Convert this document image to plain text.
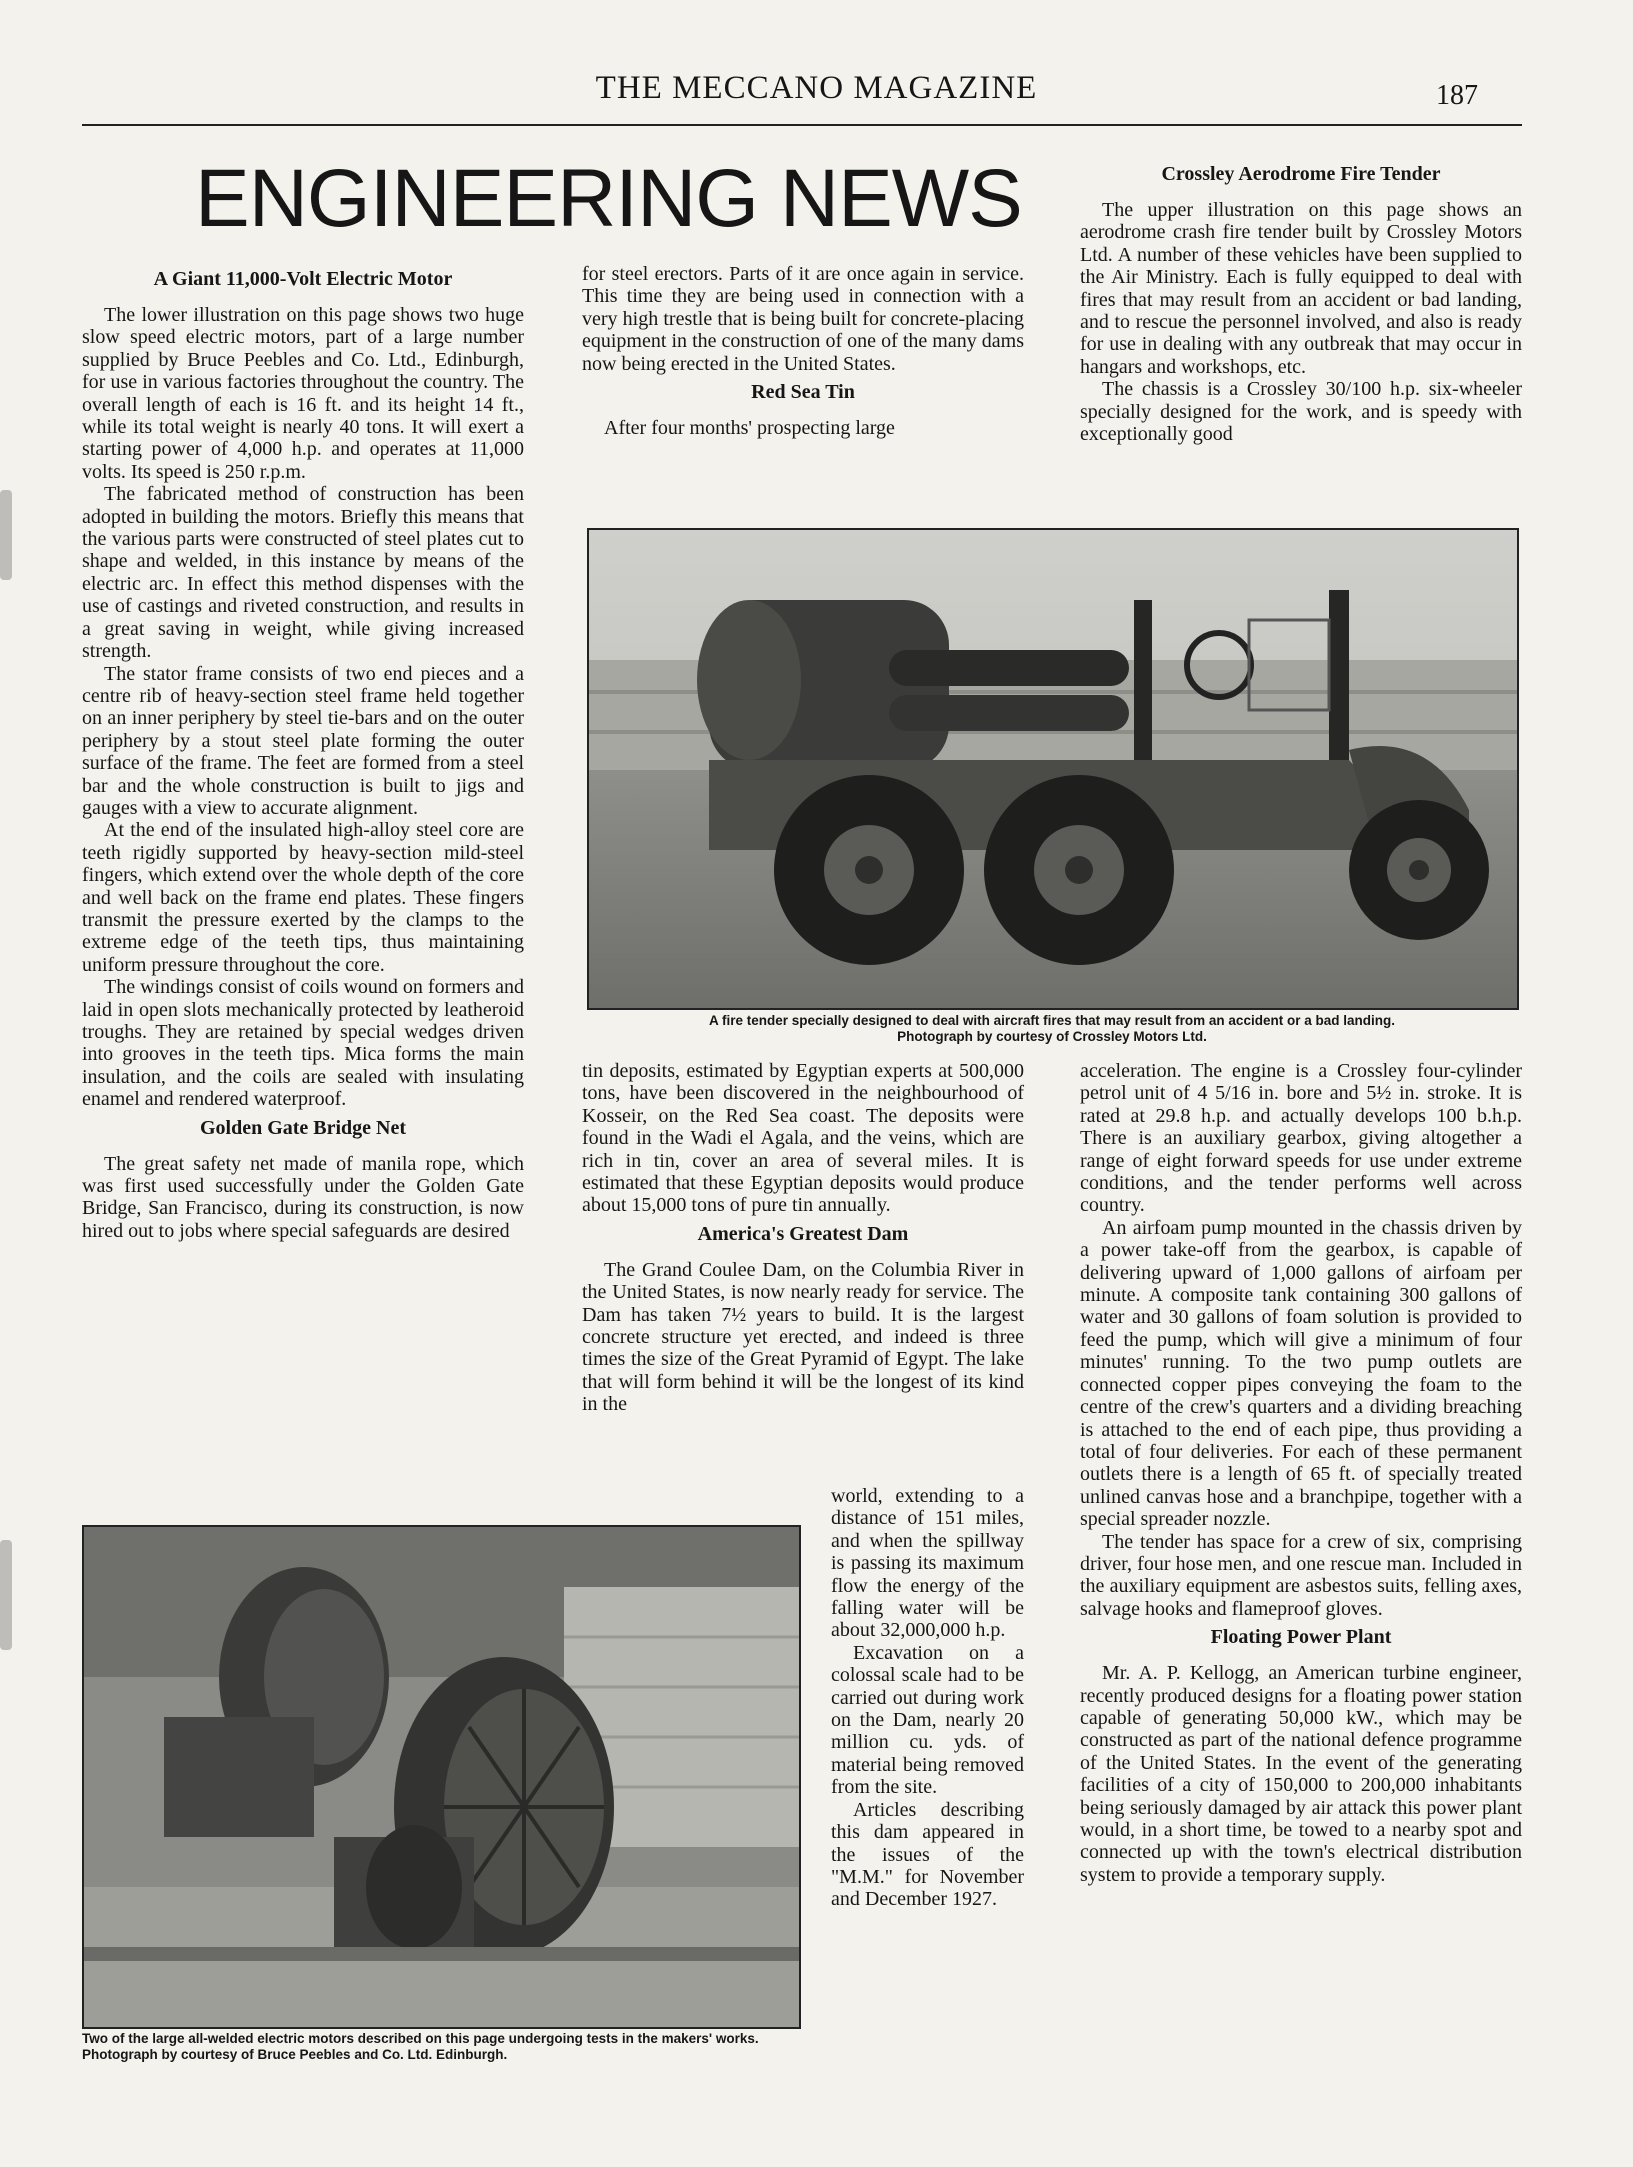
THE MECCANO MAGAZINE	187
ENGINEERING NEWS
A Giant 11,000-Volt Electric Motor

The lower illustration on this page shows two huge slow speed electric motors, part of a large number supplied by Bruce Peebles and Co. Ltd., Edinburgh, for use in various factories throughout the country. The overall length of each is 16 ft. and its height 14 ft., while its total weight is nearly 40 tons. It will exert a starting power of 4,000 h.p. and operates at 11,000 volts. Its speed is 250 r.p.m.

The fabricated method of construction has been adopted in building the motors. Briefly this means that the various parts were constructed of steel plates cut to shape and welded, in this instance by means of the electric arc. In effect this method dispenses with the use of castings and riveted construction, and results in a great saving in weight, while giving increased strength.

The stator frame consists of two end pieces and a centre rib of heavy-section steel frame held together on an inner periphery by steel tie-bars and on the outer periphery by a stout steel plate forming the outer surface of the frame. The feet are formed from a steel bar and the whole construction is built to jigs and gauges with a view to accurate alignment.

At the end of the insulated high-alloy steel core are teeth rigidly supported by heavy-section mild-steel fingers, which extend over the whole depth of the core and well back on the frame end plates. These fingers transmit the pressure exerted by the clamps to the extreme edge of the teeth tips, thus maintaining uniform pressure throughout the core.

The windings consist of coils wound on formers and laid in open slots mechanically protected by leatheroid troughs. They are retained by special wedges driven into grooves in the teeth tips. Mica forms the main insulation, and the coils are sealed with insulating enamel and rendered waterproof.

Golden Gate Bridge Net

The great safety net made of manila rope, which was first used successfully under the Golden Gate Bridge, San Francisco, during its construction, is now hired out to jobs where special safeguards are desired

for steel erectors. Parts of it are once again in service. This time they are being used in connection with a very high trestle that is being built for concrete-placing equipment in the construction of one of the many dams now being erected in the United States.

Red Sea Tin

After four months' prospecting large

Crossley Aerodrome Fire Tender

The upper illustration on this page shows an aerodrome crash fire tender built by Crossley Motors Ltd. A number of these vehicles have been supplied to the Air Ministry. Each is fully equipped to deal with fires that may result from an accident or bad landing, and to rescue the personnel involved, and also is ready for use in dealing with any outbreak that may occur in hangars and workshops, etc.

The chassis is a Crossley 30/100 h.p. six-wheeler specially designed for the work, and is speedy with exceptionally good

A fire tender specially designed to deal with aircraft fires that may result from an accident or a bad landing.
Photograph by courtesy of Crossley Motors Ltd.

tin deposits, estimated by Egyptian experts at 500,000 tons, have been discovered in the neighbourhood of Kosseir, on the Red Sea coast. The deposits were found in the Wadi el Agala, and the veins, which are rich in tin, cover an area of several miles. It is estimated that these Egyptian deposits would produce about 15,000 tons of pure tin annually.

America's Greatest Dam

The Grand Coulee Dam, on the Columbia River in the United States, is now nearly ready for service. The Dam has taken 7½ years to build. It is the largest concrete structure yet erected, and indeed is three times the size of the Great Pyramid of Egypt. The lake that will form behind it will be the longest of its kind in the

world, extending to a distance of 151 miles, and when the spillway is passing its maximum flow the energy of the falling water will be about 32,000,000 h.p.

Excavation on a colossal scale had to be carried out during work on the Dam, nearly 20 million cu. yds. of material being removed from the site.

Articles describing this dam appeared in the issues of the "M.M." for November and December 1927.

acceleration. The engine is a Crossley four-cylinder petrol unit of 4 5/16 in. bore and 5½ in. stroke. It is rated at 29.8 h.p. and actually develops 100 b.h.p. There is an auxiliary gearbox, giving altogether a range of eight forward speeds for use under extreme conditions, and the tender performs well across country.

An airfoam pump mounted in the chassis driven by a power take-off from the gearbox, is capable of delivering upward of 1,000 gallons of airfoam per minute. A composite tank containing 300 gallons of water and 30 gallons of foam solution is provided to feed the pump, which will give a minimum of four minutes' running. To the two pump outlets are connected copper pipes conveying the foam to the centre of the crew's quarters and a dividing breaching is attached to the end of each pipe, thus providing a total of four deliveries. For each of these permanent outlets there is a length of 65 ft. of specially treated unlined canvas hose and a branchpipe, together with a special spreader nozzle.

The tender has space for a crew of six, comprising driver, four hose men, and one rescue man. Included in the auxiliary equipment are asbestos suits, felling axes, salvage hooks and flameproof gloves.

Floating Power Plant

Mr. A. P. Kellogg, an American turbine engineer, recently produced designs for a floating power station capable of generating 50,000 kW., which may be constructed as part of the national defence programme of the United States. In the event of the generating facilities of a city of 150,000 to 200,000 inhabitants being seriously damaged by air attack this power plant would, in a short time, be towed to a nearby spot and connected up with the town's electrical distribution system to provide a temporary supply.

Two of the large all-welded electric motors described on this page undergoing tests in the makers' works. Photograph by courtesy of Bruce Peebles and Co. Ltd. Edinburgh.
